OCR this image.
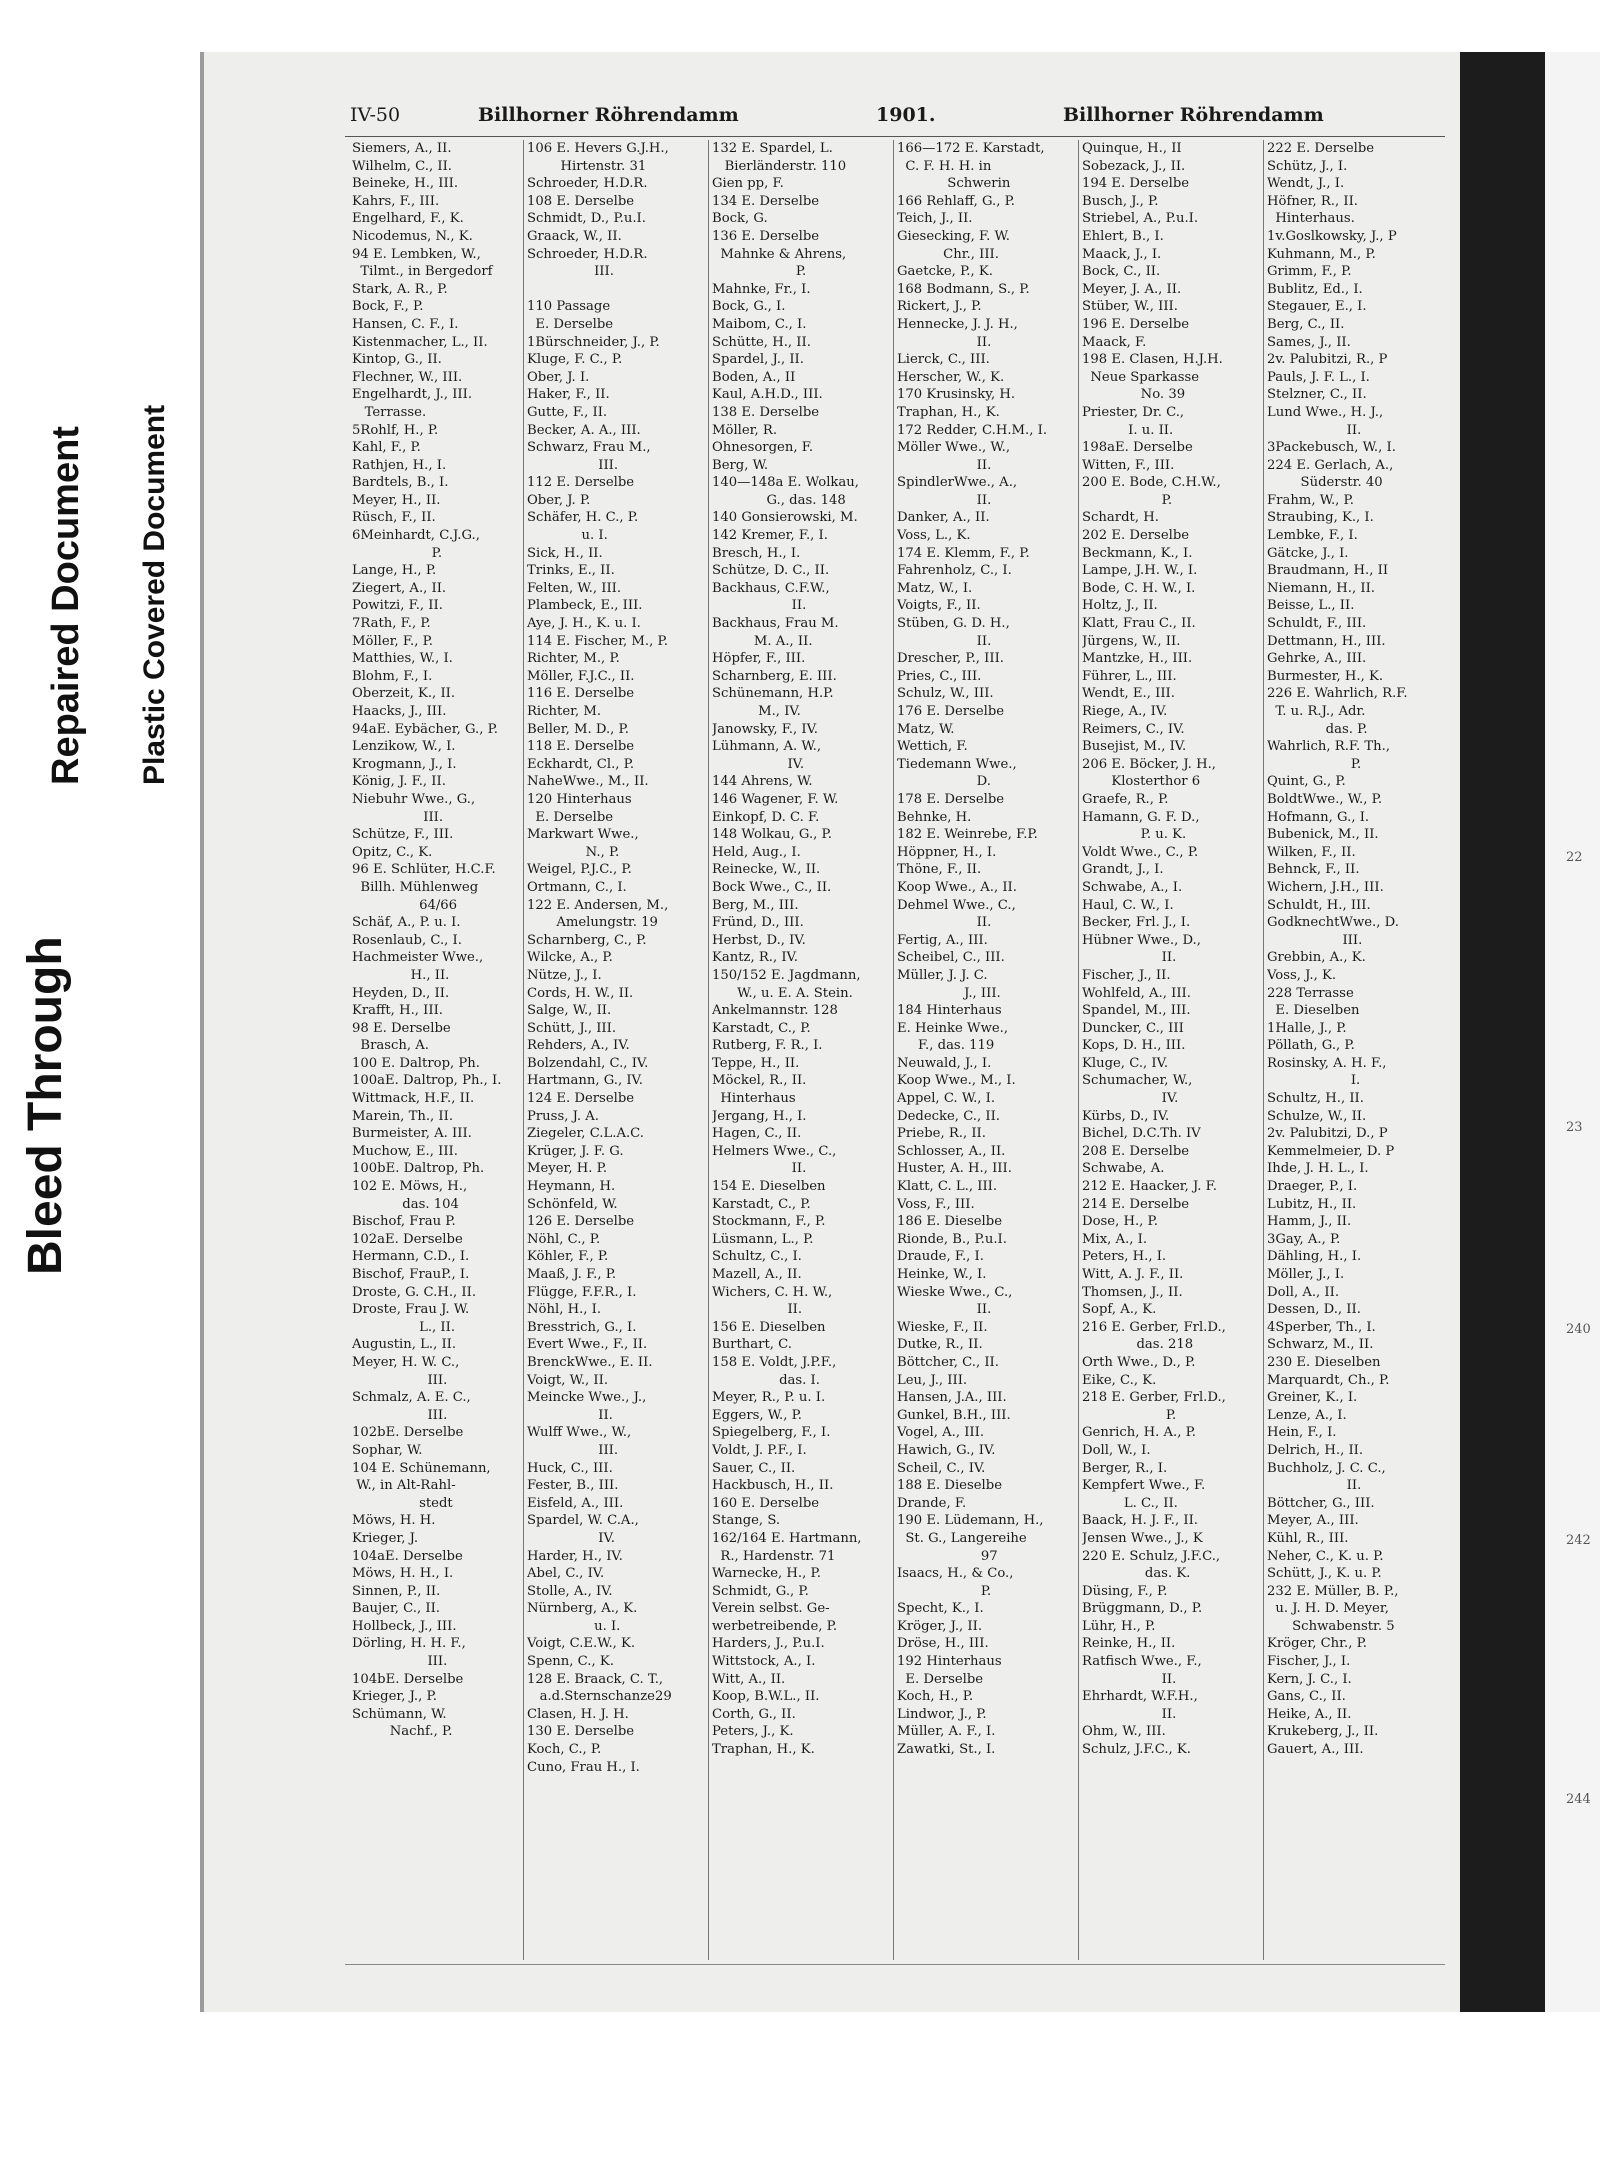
Repaired Document Plastic Covered Document
Bleed Through
22
23
240
242
244
IV-50	Billhorner Röhrendamm	1901.	Billhorner Röhrendamm
Siemers, A., II.
Wilhelm, C., II.
Beineke, H., III.
Kahrs, F., III.
Engelhard, F., K.
Nicodemus, N., K.
94 E. Lembken, W.,
Tilmt., in Bergedorf
Stark, A. R., P.
Bock, F., P.
Hansen, C. F., I.
Kistenmacher, L., II.
Kintop, G., II.
Flechner, W., III.
Engelhardt, J., III.
Terrasse.
5Rohlf, H., P.
Kahl, F., P.
Rathjen, H., I.
Bardtels, B., I.
Meyer, H., II.
Rüsch, F., II.
6Meinhardt, C.J.G.,
P.
Lange, H., P.
Ziegert, A., II.
Powitzi, F., II.
7Rath, F., P.
Möller, F., P.
Matthies, W., I.
Blohm, F., I.
Oberzeit, K., II.
Haacks, J., III.
94aE. Eybächer, G., P.
Lenzikow, W., I.
Krogmann, J., I.
König, J. F., II.
Niebuhr Wwe., G.,
III.
Schütze, F., III.
Opitz, C., K.
96 E. Schlüter, H.C.F.
Billh. Mühlenweg
64/66
Schäf, A., P. u. I.
Rosenlaub, C., I.
Hachmeister Wwe.,
H., II.
Heyden, D., II.
Krafft, H., III.
98 E. Derselbe
Brasch, A.
100 E. Daltrop, Ph.
100aE. Daltrop, Ph., I.
Wittmack, H.F., II.
Marein, Th., II.
Burmeister, A. III.
Muchow, E., III.
100bE. Daltrop, Ph.
102 E. Möws, H.,
das. 104
Bischof, Frau P.
102aE. Derselbe
Hermann, C.D., I.
Bischof, FrauP., I.
Droste, G. C.H., II.
Droste, Frau J. W.
L., II.
Augustin, L., II.
Meyer, H. W. C.,
III.
Schmalz, A. E. C.,
III.
102bE. Derselbe
Sophar, W.
104 E. Schünemann,
W., in Alt-Rahl-
stedt
Möws, H. H.
Krieger, J.
104aE. Derselbe
Möws, H. H., I.
Sinnen, P., II.
Baujer, C., II.
Hollbeck, J., III.
Dörling, H. H. F.,
III.
104bE. Derselbe
Krieger, J., P.
Schümann, W.
Nachf., P.
106 E. Hevers G.J.H.,
Hirtenstr. 31
Schroeder, H.D.R.
108 E. Derselbe
Schmidt, D., P.u.I.
Graack, W., II.
Schroeder, H.D.R.
III.
110 Passage
E. Derselbe
1Bürschneider, J., P.
Kluge, F. C., P.
Ober, J. I.
Haker, F., II.
Gutte, F., II.
Becker, A. A., III.
Schwarz, Frau M.,
III.
112 E. Derselbe
Ober, J. P.
Schäfer, H. C., P.
u. I.
Sick, H., II.
Trinks, E., II.
Felten, W., III.
Plambeck, E., III.
Aye, J. H., K. u. I.
114 E. Fischer, M., P.
Richter, M., P.
Möller, F.J.C., II.
116 E. Derselbe
Richter, M.
Beller, M. D., P.
118 E. Derselbe
Eckhardt, Cl., P.
NaheWwe., M., II.
120 Hinterhaus
E. Derselbe
Markwart Wwe.,
N., P.
Weigel, P.J.C., P.
Ortmann, C., I.
122 E. Andersen, M.,
Amelungstr. 19
Scharnberg, C., P.
Wilcke, A., P.
Nütze, J., I.
Cords, H. W., II.
Salge, W., II.
Schütt, J., III.
Rehders, A., IV.
Bolzendahl, C., IV.
Hartmann, G., IV.
124 E. Derselbe
Pruss, J. A.
Ziegeler, C.L.A.C.
Krüger, J. F. G.
Meyer, H. P.
Heymann, H.
Schönfeld, W.
126 E. Derselbe
Nöhl, C., P.
Köhler, F., P.
Maaß, J. F., P.
Flügge, F.F.R., I.
Nöhl, H., I.
Bresstrich, G., I.
Evert Wwe., F., II.
BrenckWwe., E. II.
Voigt, W., II.
Meincke Wwe., J.,
II.
Wulff Wwe., W.,
III.
Huck, C., III.
Fester, B., III.
Eisfeld, A., III.
Spardel, W. C.A.,
IV.
Harder, H., IV.
Abel, C., IV.
Stolle, A., IV.
Nürnberg, A., K.
u. I.
Voigt, C.E.W., K.
Spenn, C., K.
128 E. Braack, C. T.,
a.d.Sternschanze29
Clasen, H. J. H.
130 E. Derselbe
Koch, C., P.
Cuno, Frau H., I.
132 E. Spardel, L.
Bierländerstr. 110
Gien pp, F.
134 E. Derselbe
Bock, G.
136 E. Derselbe
Mahnke & Ahrens,
P.
Mahnke, Fr., I.
Bock, G., I.
Maibom, C., I.
Schütte, H., II.
Spardel, J., II.
Boden, A., II
Kaul, A.H.D., III.
138 E. Derselbe
Möller, R.
Ohnesorgen, F.
Berg, W.
140—148a E. Wolkau,
G., das. 148
140 Gonsierowski, M.
142 Kremer, F., I.
Bresch, H., I.
Schütze, D. C., II.
Backhaus, C.F.W.,
II.
Backhaus, Frau M.
M. A., II.
Höpfer, F., III.
Scharnberg, E. III.
Schünemann, H.P.
M., IV.
Janowsky, F., IV.
Lühmann, A. W.,
IV.
144 Ahrens, W.
146 Wagener, F. W.
Einkopf, D. C. F.
148 Wolkau, G., P.
Held, Aug., I.
Reinecke, W., II.
Bock Wwe., C., II.
Berg, M., III.
Fründ, D., III.
Herbst, D., IV.
Kantz, R., IV.
150/152 E. Jagdmann,
W., u. E. A. Stein.
Ankelmannstr. 128
Karstadt, C., P.
Rutberg, F. R., I.
Teppe, H., II.
Möckel, R., II.
Hinterhaus
Jergang, H., I.
Hagen, C., II.
Helmers Wwe., C.,
II.
154 E. Dieselben
Karstadt, C., P.
Stockmann, F., P.
Lüsmann, L., P.
Schultz, C., I.
Mazell, A., II.
Wichers, C. H. W.,
II.
156 E. Dieselben
Burthart, C.
158 E. Voldt, J.P.F.,
das. I.
Meyer, R., P. u. I.
Eggers, W., P.
Spiegelberg, F., I.
Voldt, J. P.F., I.
Sauer, C., II.
Hackbusch, H., II.
160 E. Derselbe
Stange, S.
162/164 E. Hartmann,
R., Hardenstr. 71
Warnecke, H., P.
Schmidt, G., P.
Verein selbst. Ge-
werbetreibende, P.
Harders, J., P.u.I.
Wittstock, A., I.
Witt, A., II.
Koop, B.W.L., II.
Corth, G., II.
Peters, J., K.
Traphan, H., K.
166—172 E. Karstadt,
C. F. H. H. in
Schwerin
166 Rehlaff, G., P.
Teich, J., II.
Giesecking, F. W.
Chr., III.
Gaetcke, P., K.
168 Bodmann, S., P.
Rickert, J., P.
Hennecke, J. J. H.,
II.
Lierck, C., III.
Herscher, W., K.
170 Krusinsky, H.
Traphan, H., K.
172 Redder, C.H.M., I.
Möller Wwe., W.,
II.
SpindlerWwe., A.,
II.
Danker, A., II.
Voss, L., K.
174 E. Klemm, F., P.
Fahrenholz, C., I.
Matz, W., I.
Voigts, F., II.
Stüben, G. D. H.,
II.
Drescher, P., III.
Pries, C., III.
Schulz, W., III.
176 E. Derselbe
Matz, W.
Wettich, F.
Tiedemann Wwe.,
D.
178 E. Derselbe
Behnke, H.
182 E. Weinrebe, F.P.
Höppner, H., I.
Thöne, F., II.
Koop Wwe., A., II.
Dehmel Wwe., C.,
II.
Fertig, A., III.
Scheibel, C., III.
Müller, J. J. C.
J., III.
184 Hinterhaus
E. Heinke Wwe.,
F., das. 119
Neuwald, J., I.
Koop Wwe., M., I.
Appel, C. W., I.
Dedecke, C., II.
Priebe, R., II.
Schlosser, A., II.
Huster, A. H., III.
Klatt, C. L., III.
Voss, F., III.
186 E. Dieselbe
Rionde, B., P.u.I.
Draude, F., I.
Heinke, W., I.
Wieske Wwe., C.,
II.
Wieske, F., II.
Dutke, R., II.
Böttcher, C., II.
Leu, J., III.
Hansen, J.A., III.
Gunkel, B.H., III.
Vogel, A., III.
Hawich, G., IV.
Scheil, C., IV.
188 E. Dieselbe
Drande, F.
190 E. Lüdemann, H.,
St. G., Langereihe
97
Isaacs, H., & Co.,
P.
Specht, K., I.
Kröger, J., II.
Dröse, H., III.
192 Hinterhaus
E. Derselbe
Koch, H., P.
Lindwor, J., P.
Müller, A. F., I.
Zawatki, St., I.
Quinque, H., II
Sobezack, J., II.
194 E. Derselbe
Busch, J., P.
Striebel, A., P.u.I.
Ehlert, B., I.
Maack, J., I.
Bock, C., II.
Meyer, J. A., II.
Stüber, W., III.
196 E. Derselbe
Maack, F.
198 E. Clasen, H.J.H.
Neue Sparkasse
No. 39
Priester, Dr. C.,
I. u. II.
198aE. Derselbe
Witten, F., III.
200 E. Bode, C.H.W.,
P.
Schardt, H.
202 E. Derselbe
Beckmann, K., I.
Lampe, J.H. W., I.
Bode, C. H. W., I.
Holtz, J., II.
Klatt, Frau C., II.
Jürgens, W., II.
Mantzke, H., III.
Führer, L., III.
Wendt, E., III.
Riege, A., IV.
Reimers, C., IV.
Busejist, M., IV.
206 E. Böcker, J. H.,
Klosterthor 6
Graefe, R., P.
Hamann, G. F. D.,
P. u. K.
Voldt Wwe., C., P.
Grandt, J., I.
Schwabe, A., I.
Haul, C. W., I.
Becker, Frl. J., I.
Hübner Wwe., D.,
II.
Fischer, J., II.
Wohlfeld, A., III.
Spandel, M., III.
Duncker, C., III
Kops, D. H., III.
Kluge, C., IV.
Schumacher, W.,
IV.
Kürbs, D., IV.
Bichel, D.C.Th. IV
208 E. Derselbe
Schwabe, A.
212 E. Haacker, J. F.
214 E. Derselbe
Dose, H., P.
Mix, A., I.
Peters, H., I.
Witt, A. J. F., II.
Thomsen, J., II.
Sopf, A., K.
216 E. Gerber, Frl.D.,
das. 218
Orth Wwe., D., P.
Eike, C., K.
218 E. Gerber, Frl.D.,
P.
Genrich, H. A., P.
Doll, W., I.
Berger, R., I.
Kempfert Wwe., F.
L. C., II.
Baack, H. J. F., II.
Jensen Wwe., J., K
220 E. Schulz, J.F.C.,
das. K.
Düsing, F., P.
Brüggmann, D., P.
Lühr, H., P.
Reinke, H., II.
Ratfisch Wwe., F.,
II.
Ehrhardt, W.F.H.,
II.
Ohm, W., III.
Schulz, J.F.C., K.
222 E. Derselbe
Schütz, J., I.
Wendt, J., I.
Höfner, R., II.
Hinterhaus.
1v.Goslkowsky, J., P
Kuhmann, M., P.
Grimm, F., P.
Bublitz, Ed., I.
Stegauer, E., I.
Berg, C., II.
Sames, J., II.
2v. Palubitzi, R., P
Pauls, J. F. L., I.
Stelzner, C., II.
Lund Wwe., H. J.,
II.
3Packebusch, W., I.
224 E. Gerlach, A.,
Süderstr. 40
Frahm, W., P.
Straubing, K., I.
Lembke, F., I.
Gätcke, J., I.
Braudmann, H., II
Niemann, H., II.
Beisse, L., II.
Schuldt, F., III.
Dettmann, H., III.
Gehrke, A., III.
Burmester, H., K.
226 E. Wahrlich, R.F.
T. u. R.J., Adr.
das. P.
Wahrlich, R.F. Th.,
P.
Quint, G., P.
BoldtWwe., W., P.
Hofmann, G., I.
Bubenick, M., II.
Wilken, F., II.
Behnck, F., II.
Wichern, J.H., III.
Schuldt, H., III.
GodknechtWwe., D.
III.
Grebbin, A., K.
Voss, J., K.
228 Terrasse
E. Dieselben
1Halle, J., P.
Pöllath, G., P.
Rosinsky, A. H. F.,
I.
Schultz, H., II.
Schulze, W., II.
2v. Palubitzi, D., P
Kemmelmeier, D. P
Ihde, J. H. L., I.
Draeger, P., I.
Lubitz, H., II.
Hamm, J., II.
3Gay, A., P.
Dähling, H., I.
Möller, J., I.
Doll, A., II.
Dessen, D., II.
4Sperber, Th., I.
Schwarz, M., II.
230 E. Dieselben
Marquardt, Ch., P.
Greiner, K., I.
Lenze, A., I.
Hein, F., I.
Delrich, H., II.
Buchholz, J. C. C.,
II.
Böttcher, G., III.
Meyer, A., III.
Kühl, R., III.
Neher, C., K. u. P.
Schütt, J., K. u. P.
232 E. Müller, B. P.,
u. J. H. D. Meyer,
Schwabenstr. 5
Kröger, Chr., P.
Fischer, J., I.
Kern, J. C., I.
Gans, C., II.
Heike, A., II.
Krukeberg, J., II.
Gauert, A., III.
